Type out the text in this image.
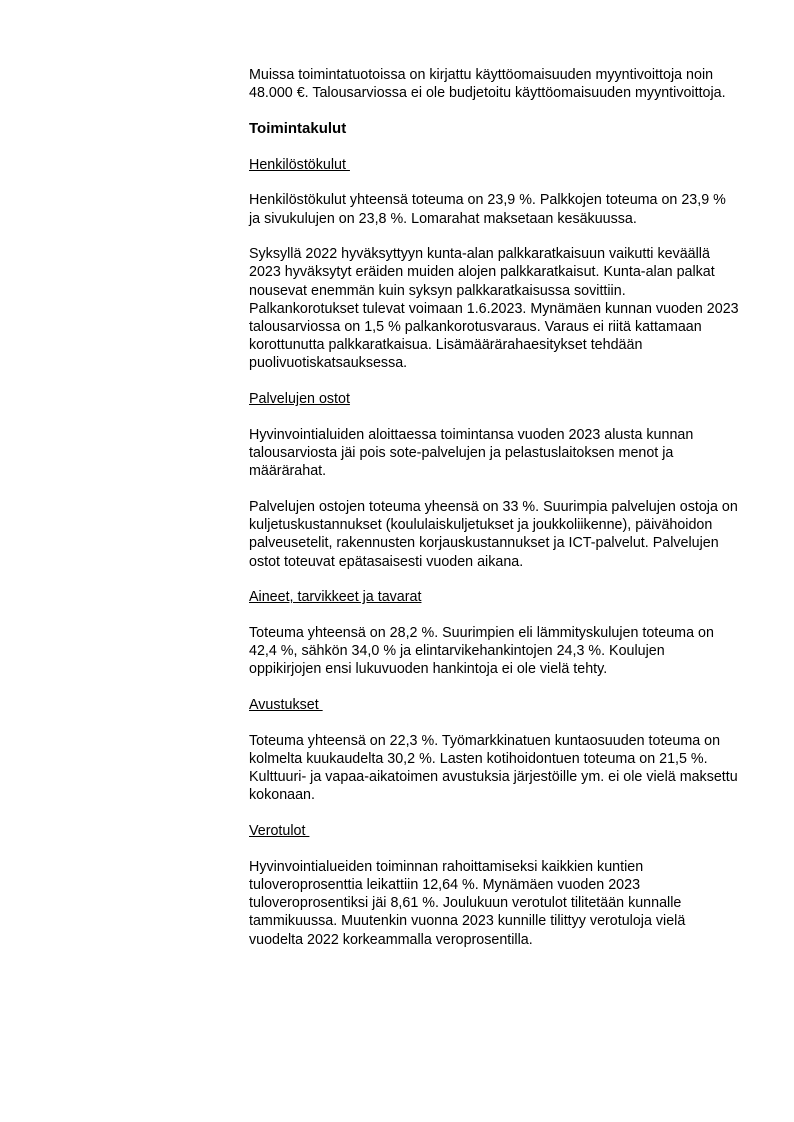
Muissa toimintatuotoissa on kirjattu käyttöomaisuuden myyntivoittoja noin 48.000 €. Talousarviossa ei ole budjetoitu käyttöomaisuuden myyntivoittoja.

Toimintakulut

Henkilöstökulut

Henkilöstökulut yhteensä toteuma on 23,9 %. Palkkojen toteuma on 23,9 % ja sivukulujen on 23,8 %. Lomarahat maksetaan kesäkuussa.

Syksyllä 2022 hyväksyttyyn kunta-alan palkkaratkaisuun vaikutti keväällä 2023 hyväksytyt eräiden muiden alojen palkkaratkaisut. Kunta-alan palkat nousevat enemmän kuin syksyn palkkaratkaisussa sovittiin. Palkankorotukset tulevat voimaan 1.6.2023. Mynämäen kunnan vuoden 2023 talousarviossa on 1,5 % palkankorotusvaraus. Varaus ei riitä kattamaan korottunutta palkkaratkaisua. Lisämäärärahaesitykset tehdään puolivuotiskatsauksessa.

Palvelujen ostot

Hyvinvointialuiden aloittaessa toimintansa vuoden 2023 alusta kunnan talousarviosta jäi pois sote-palvelujen ja pelastuslaitoksen menot ja määrärahat.

Palvelujen ostojen toteuma yheensä on 33 %. Suurimpia palvelujen ostoja on kuljetuskustannukset (koululaiskuljetukset ja joukkoliikenne), päivähoidon palveusetelit, rakennusten korjauskustannukset ja ICT-palvelut. Palvelujen ostot toteuvat epätasaisesti vuoden aikana.

Aineet, tarvikkeet ja tavarat

Toteuma yhteensä on 28,2 %. Suurimpien eli lämmityskulujen toteuma on 42,4 %, sähkön 34,0 % ja elintarvikehankintojen 24,3 %. Koulujen oppikirjojen ensi lukuvuoden hankintoja ei ole vielä tehty.

Avustukset

Toteuma yhteensä on 22,3 %. Työmarkkinatuen kuntaosuuden toteuma on kolmelta kuukaudelta 30,2 %. Lasten kotihoidontuen toteuma on 21,5 %. Kulttuuri- ja vapaa-aikatoimen avustuksia järjestöille ym. ei ole vielä maksettu kokonaan.

Verotulot

Hyvinvointialueiden toiminnan rahoittamiseksi kaikkien kuntien tuloveroprosenttia leikattiin 12,64 %. Mynämäen vuoden 2023 tuloveroprosentiksi jäi 8,61 %. Joulukuun verotulot tilitetään kunnalle tammikuussa. Muutenkin vuonna 2023 kunnille tilittyy verotuloja vielä vuodelta 2022 korkeammalla veroprosentilla.
